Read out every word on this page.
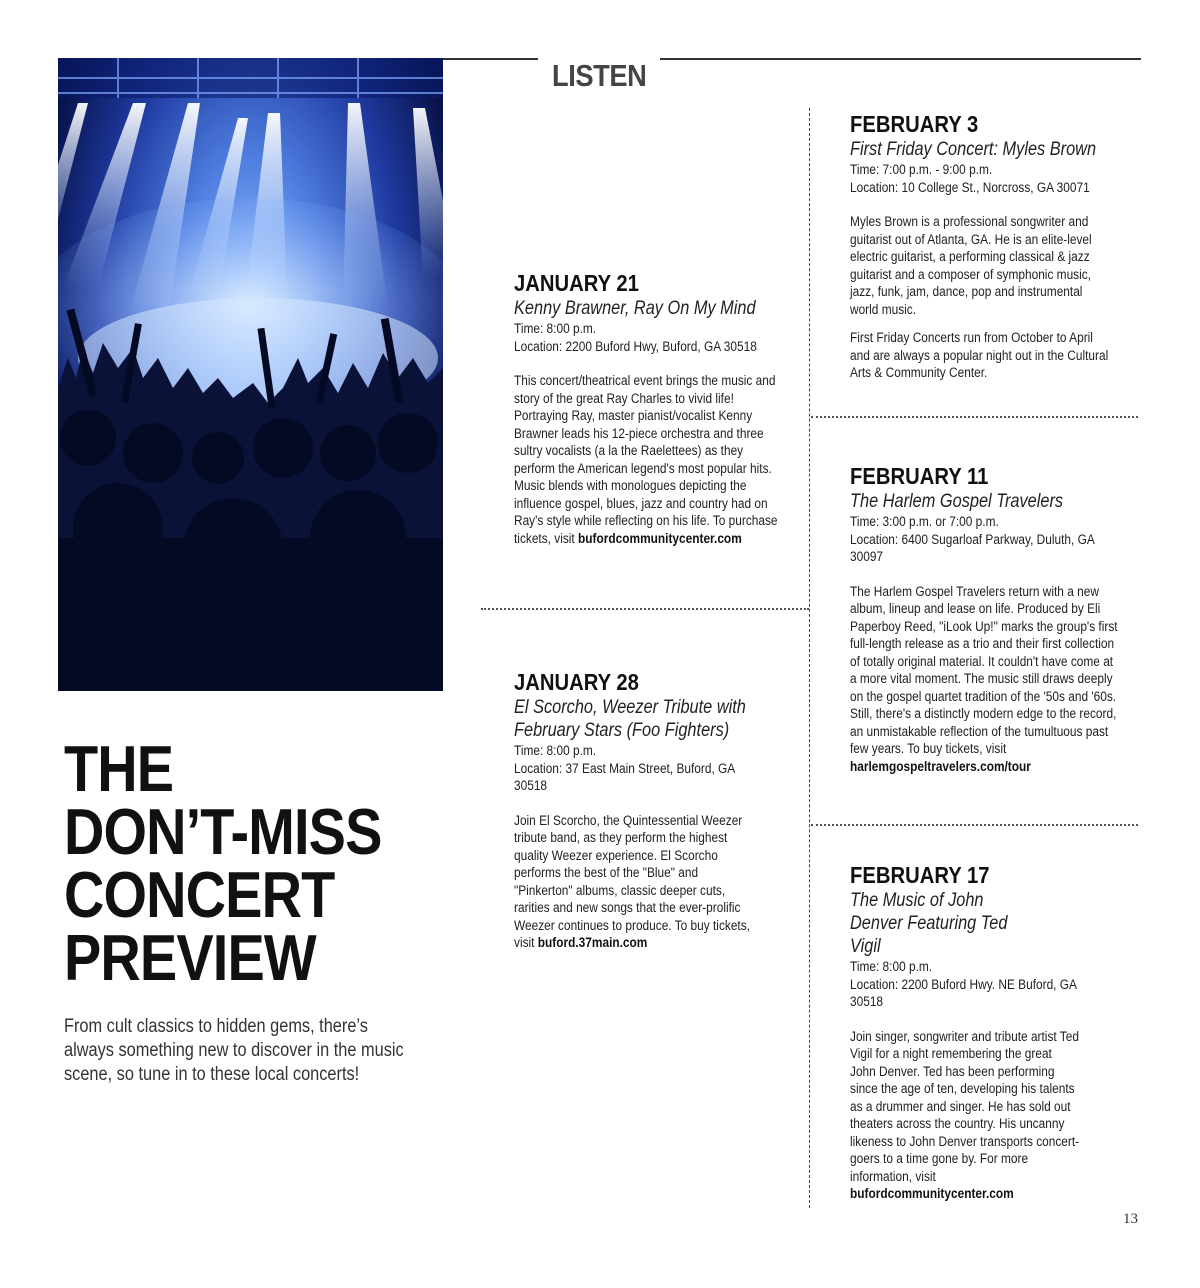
LISTEN
THE
DON’T-MISS
CONCERT
PREVIEW

From cult classics to hidden gems, there’s always something new to discover in the music scene, so tune in to these local concerts!

JANUARY 21
Kenny Brawner, Ray On My Mind
Time: 8:00 p.m.
Location: 2200 Buford Hwy, Buford, GA 30518
This concert/theatrical event brings the music and story of the great Ray Charles to vivid life! Portraying Ray, master pianist/vocalist Kenny Brawner leads his 12-piece orchestra and three sultry vocalists (a la the Raelettees) as they perform the American legend's most popular hits. Music blends with monologues depicting the influence gospel, blues, jazz and country had on Ray's style while reflecting on his life. To purchase tickets, visit bufordcommunitycenter.com
JANUARY 28
El Scorcho, Weezer Tribute with February Stars (Foo Fighters)
Time: 8:00 p.m.
Location: 37 East Main Street, Buford, GA 30518
Join El Scorcho, the Quintessential Weezer tribute band, as they perform the highest quality Weezer experience. El Scorcho performs the best of the "Blue" and "Pinkerton" albums, classic deeper cuts, rarities and new songs that the ever-prolific Weezer continues to produce. To buy tickets, visit buford.37main.com
FEBRUARY 3
First Friday Concert: Myles Brown
Time: 7:00 p.m. - 9:00 p.m.
Location: 10 College St., Norcross, GA 30071
Myles Brown is a professional songwriter and guitarist out of Atlanta, GA. He is an elite-level electric guitarist, a performing classical & jazz guitarist and a composer of symphonic music, jazz, funk, jam, dance, pop and instrumental world music.
First Friday Concerts run from October to April and are always a popular night out in the Cultural Arts & Community Center.
FEBRUARY 11
The Harlem Gospel Travelers
Time: 3:00 p.m. or 7:00 p.m.
Location: 6400 Sugarloaf Parkway, Duluth, GA 30097
The Harlem Gospel Travelers return with a new album, lineup and lease on life. Produced by Eli Paperboy Reed, "iLook Up!" marks the group's first full-length release as a trio and their first collection of totally original material. It couldn't have come at a more vital moment. The music still draws deeply on the gospel quartet tradition of the '50s and '60s. Still, there's a distinctly modern edge to the record, an unmistakable reflection of the tumultuous past few years. To buy tickets, visit harlemgospeltravelers.com/tour
FEBRUARY 17
The Music of John Denver Featuring Ted Vigil
Time: 8:00 p.m.
Location: 2200 Buford Hwy. NE Buford, GA 30518
Join singer, songwriter and tribute artist Ted Vigil for a night remembering the great John Denver. Ted has been performing since the age of ten, developing his talents as a drummer and singer. He has sold out theaters across the country. His uncanny likeness to John Denver transports concert-goers to a time gone by. For more information, visit bufordcommunitycenter.com
13
